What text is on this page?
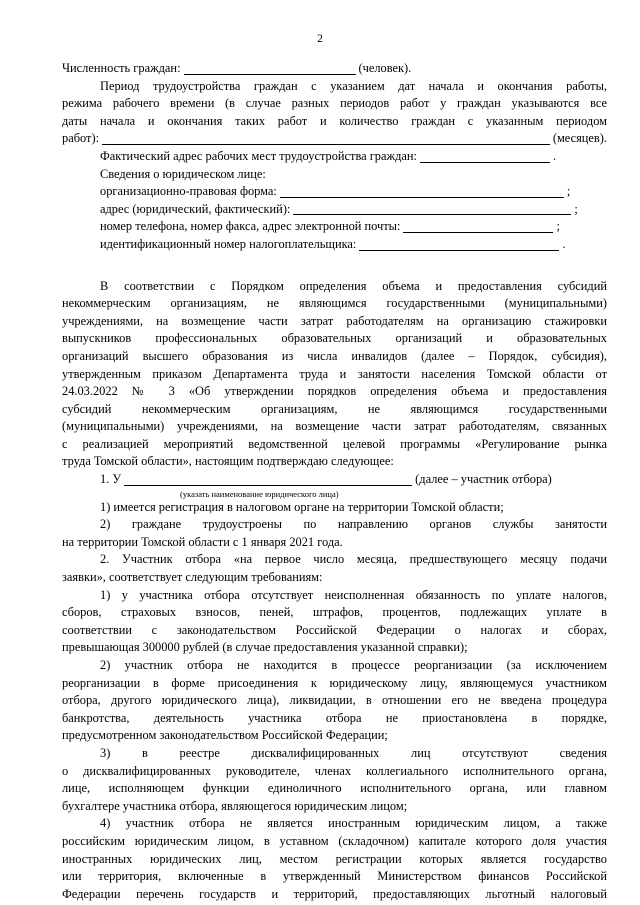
2
Численность граждан:	(человек).

Период трудоустройства граждан с указанием дат начала и окончания работы,

режима рабочего времени (в случае разных периодов работ у граждан указываются все

даты начала и окончания таких работ и количество граждан с указанным периодом

работ):	(месяцев).
Фактический адрес рабочих мест трудоустройства граждан:	.

Сведения о юридическом лице:

организационно-правовая форма:	;
адрес (юридический, фактический):	;
номер телефона, номер факса, адрес электронной почты:	;
идентификационный номер налогоплательщика:	.

В соответствии с Порядком определения объема и предоставления субсидий

некоммерческим организациям, не являющимся государственными (муниципальными)

учреждениями, на возмещение части затрат работодателям на организацию стажировки

выпускников профессиональных образовательных организаций и образовательных

организаций высшего образования из числа инвалидов (далее – Порядок, субсидия),

утвержденным приказом Департамента труда и занятости населения Томской области от

24.03.2022 № 3 «Об утверждении порядков определения объема и предоставления

субсидий некоммерческим организациям, не являющимся государственными

(муниципальными) учреждениями, на возмещение части затрат работодателям, связанных

с реализацией мероприятий ведомственной целевой программы «Регулирование рынка

труда Томской области», настоящим подтверждаю следующее:

1. У	(далее – участник отбора)

(указать наименование юридического лица)

1) имеется регистрация в налоговом органе на территории Томской области;

2) граждане трудоустроены по направлению органов службы занятости

на территории Томской области с 1 января 2021 года.

2. Участник отбора «на первое число месяца, предшествующего месяцу подачи

заявки», соответствует следующим требованиям:

1) у участника отбора отсутствует неисполненная обязанность по уплате налогов,

сборов, страховых взносов, пеней, штрафов, процентов, подлежащих уплате в

соответствии с законодательством Российской Федерации о налогах и сборах,

превышающая 300000 рублей (в случае предоставления указанной справки);

2) участник отбора не находится в процессе реорганизации (за исключением

реорганизации в форме присоединения к юридическому лицу, являющемуся участником

отбора, другого юридического лица), ликвидации, в отношении его не введена процедура

банкротства, деятельность участника отбора не приостановлена в порядке,

предусмотренном законодательством Российской Федерации;

3) в реестре дисквалифицированных лиц отсутствуют сведения

о дисквалифицированных руководителе, членах коллегиального исполнительного органа,

лице, исполняющем функции единоличного исполнительного органа, или главном

бухгалтере участника отбора, являющегося юридическим лицом;

4) участник отбора не является иностранным юридическим лицом, а также

российским юридическим лицом, в уставном (складочном) капитале которого доля участия

иностранных юридических лиц, местом регистрации которых является государство

или территория, включенные в утвержденный Министерством финансов Российской

Федерации перечень государств и территорий, предоставляющих льготный налоговый
